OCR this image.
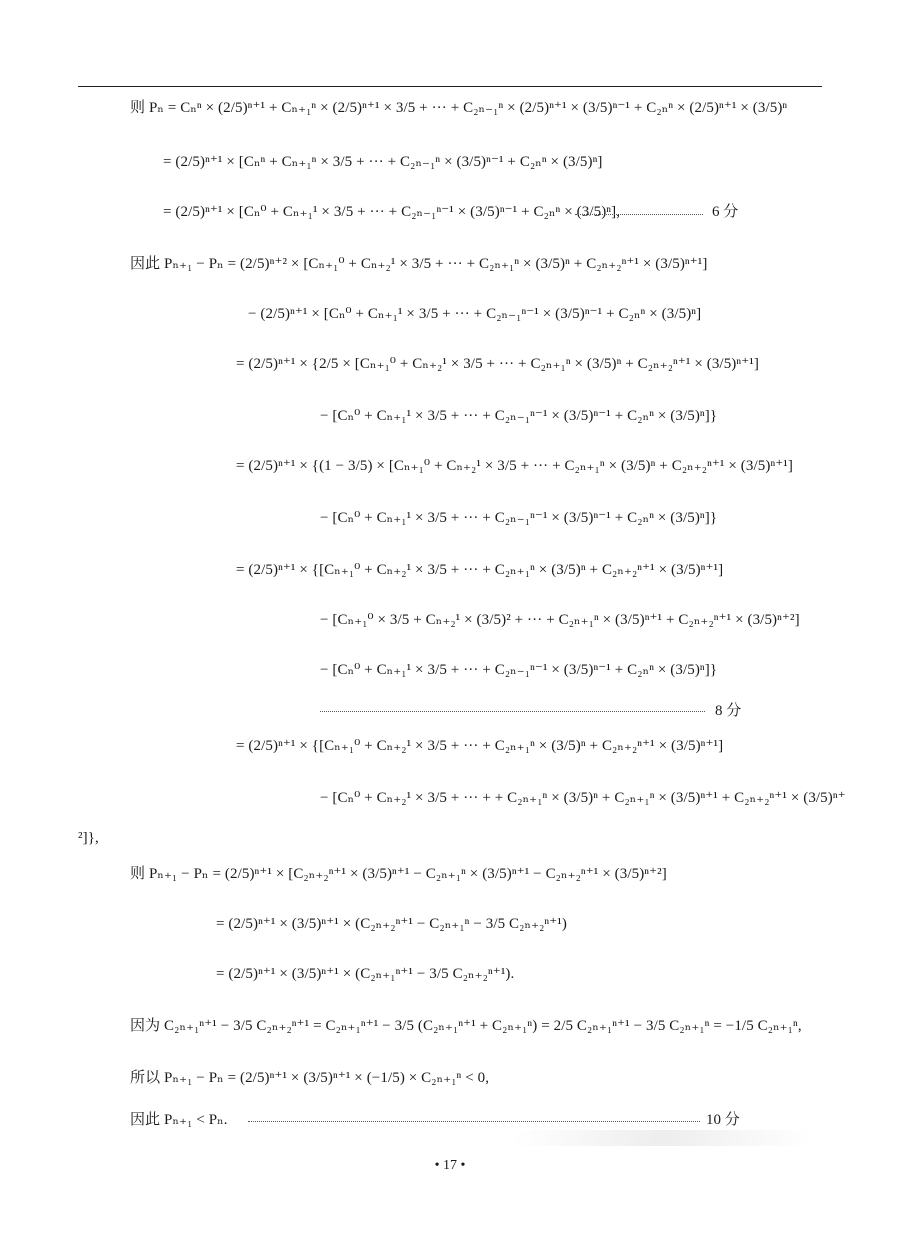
则 Pₙ = Cₙⁿ × (2/5)ⁿ⁺¹ + Cₙ₊₁ⁿ × (2/5)ⁿ⁺¹ × 3/5 + ··· + C₂ₙ₋₁ⁿ × (2/5)ⁿ⁺¹ × (3/5)ⁿ⁻¹ + C₂ₙⁿ × (2/5)ⁿ⁺¹ × (3/5)ⁿ
= (2/5)ⁿ⁺¹ × [Cₙⁿ + Cₙ₊₁ⁿ × 3/5 + ··· + C₂ₙ₋₁ⁿ × (3/5)ⁿ⁻¹ + C₂ₙⁿ × (3/5)ⁿ]
= (2/5)ⁿ⁺¹ × [Cₙ⁰ + Cₙ₊₁¹ × 3/5 + ··· + C₂ₙ₋₁ⁿ⁻¹ × (3/5)ⁿ⁻¹ + C₂ₙⁿ × (3/5)ⁿ],	6 分
因此 Pₙ₊₁ − Pₙ = (2/5)ⁿ⁺² × [Cₙ₊₁⁰ + Cₙ₊₂¹ × 3/5 + ··· + C₂ₙ₊₁ⁿ × (3/5)ⁿ + C₂ₙ₊₂ⁿ⁺¹ × (3/5)ⁿ⁺¹]
− (2/5)ⁿ⁺¹ × [Cₙ⁰ + Cₙ₊₁¹ × 3/5 + ··· + C₂ₙ₋₁ⁿ⁻¹ × (3/5)ⁿ⁻¹ + C₂ₙⁿ × (3/5)ⁿ]
= (2/5)ⁿ⁺¹ × {2/5 × [Cₙ₊₁⁰ + Cₙ₊₂¹ × 3/5 + ··· + C₂ₙ₊₁ⁿ × (3/5)ⁿ + C₂ₙ₊₂ⁿ⁺¹ × (3/5)ⁿ⁺¹]
− [Cₙ⁰ + Cₙ₊₁¹ × 3/5 + ··· + C₂ₙ₋₁ⁿ⁻¹ × (3/5)ⁿ⁻¹ + C₂ₙⁿ × (3/5)ⁿ]}
= (2/5)ⁿ⁺¹ × {(1 − 3/5) × [Cₙ₊₁⁰ + Cₙ₊₂¹ × 3/5 + ··· + C₂ₙ₊₁ⁿ × (3/5)ⁿ + C₂ₙ₊₂ⁿ⁺¹ × (3/5)ⁿ⁺¹]
− [Cₙ⁰ + Cₙ₊₁¹ × 3/5 + ··· + C₂ₙ₋₁ⁿ⁻¹ × (3/5)ⁿ⁻¹ + C₂ₙⁿ × (3/5)ⁿ]}
= (2/5)ⁿ⁺¹ × {[Cₙ₊₁⁰ + Cₙ₊₂¹ × 3/5 + ··· + C₂ₙ₊₁ⁿ × (3/5)ⁿ + C₂ₙ₊₂ⁿ⁺¹ × (3/5)ⁿ⁺¹]
− [Cₙ₊₁⁰ × 3/5 + Cₙ₊₂¹ × (3/5)² + ··· + C₂ₙ₊₁ⁿ × (3/5)ⁿ⁺¹ + C₂ₙ₊₂ⁿ⁺¹ × (3/5)ⁿ⁺²]
− [Cₙ⁰ + Cₙ₊₁¹ × 3/5 + ··· + C₂ₙ₋₁ⁿ⁻¹ × (3/5)ⁿ⁻¹ + C₂ₙⁿ × (3/5)ⁿ]}
8 分
= (2/5)ⁿ⁺¹ × {[Cₙ₊₁⁰ + Cₙ₊₂¹ × 3/5 + ··· + C₂ₙ₊₁ⁿ × (3/5)ⁿ + C₂ₙ₊₂ⁿ⁺¹ × (3/5)ⁿ⁺¹]
− [Cₙ⁰ + Cₙ₊₂¹ × 3/5 + ··· + + C₂ₙ₊₁ⁿ × (3/5)ⁿ + C₂ₙ₊₁ⁿ × (3/5)ⁿ⁺¹ + C₂ₙ₊₂ⁿ⁺¹ × (3/5)ⁿ⁺
²]},
则 Pₙ₊₁ − Pₙ = (2/5)ⁿ⁺¹ × [C₂ₙ₊₂ⁿ⁺¹ × (3/5)ⁿ⁺¹ − C₂ₙ₊₁ⁿ × (3/5)ⁿ⁺¹ − C₂ₙ₊₂ⁿ⁺¹ × (3/5)ⁿ⁺²]
= (2/5)ⁿ⁺¹ × (3/5)ⁿ⁺¹ × (C₂ₙ₊₂ⁿ⁺¹ − C₂ₙ₊₁ⁿ − 3/5 C₂ₙ₊₂ⁿ⁺¹)
= (2/5)ⁿ⁺¹ × (3/5)ⁿ⁺¹ × (C₂ₙ₊₁ⁿ⁺¹ − 3/5 C₂ₙ₊₂ⁿ⁺¹).
因为 C₂ₙ₊₁ⁿ⁺¹ − 3/5 C₂ₙ₊₂ⁿ⁺¹ = C₂ₙ₊₁ⁿ⁺¹ − 3/5 (C₂ₙ₊₁ⁿ⁺¹ + C₂ₙ₊₁ⁿ) = 2/5 C₂ₙ₊₁ⁿ⁺¹ − 3/5 C₂ₙ₊₁ⁿ = −1/5 C₂ₙ₊₁ⁿ,
所以 Pₙ₊₁ − Pₙ = (2/5)ⁿ⁺¹ × (3/5)ⁿ⁺¹ × (−1/5) × C₂ₙ₊₁ⁿ < 0,
因此 Pₙ₊₁ < Pₙ.	10 分
• 17 •
